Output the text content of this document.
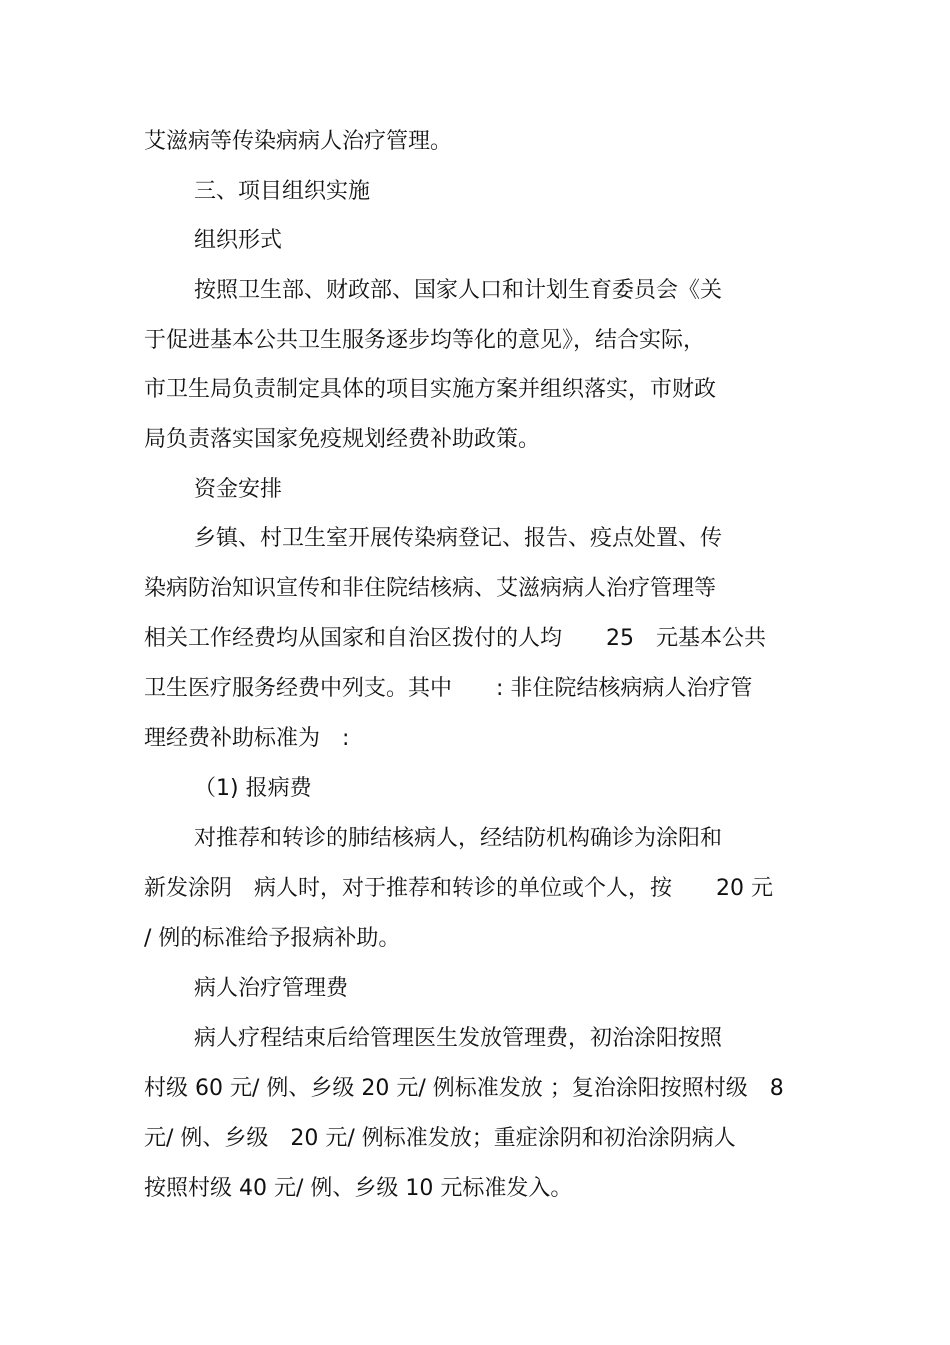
艾滋病等传染病病人治疗管理。
三、项目组织实施
组织形式
按照卫生部、财政部、国家人口和计划生育委员会《关
于促进基本公共卫生服务逐步均等化的意见》，结合实际，
市卫生局负责制定具体的项目实施方案并组织落实，市财政
局负责落实国家免疫规划经费补助政策。
资金安排
乡镇、村卫生室开展传染病登记、报告、疫点处置、传
染病防治知识宣传和非住院结核病、艾滋病病人治疗管理等
相关工作经费均从国家和自治区拨付的人均　　25　元基本公共
卫生医疗服务经费中列支。其中　　: 非住院结核病病人治疗管
理经费补助标准为　:
（1) 报病费
对推荐和转诊的肺结核病人，经结防机构确诊为涂阳和
新发涂阴　病人时，对于推荐和转诊的单位或个人，按　　20 元
/ 例的标准给予报病补助。
病人治疗管理费
病人疗程结束后给管理医生发放管理费，初治涂阳按照
村级 60 元/ 例、乡级 20 元/ 例标准发放 ；复治涂阳按照村级　8
元/ 例、乡级　20 元/ 例标准发放；重症涂阴和初治涂阴病人
按照村级 40 元/ 例、乡级 10 元标准发入。
